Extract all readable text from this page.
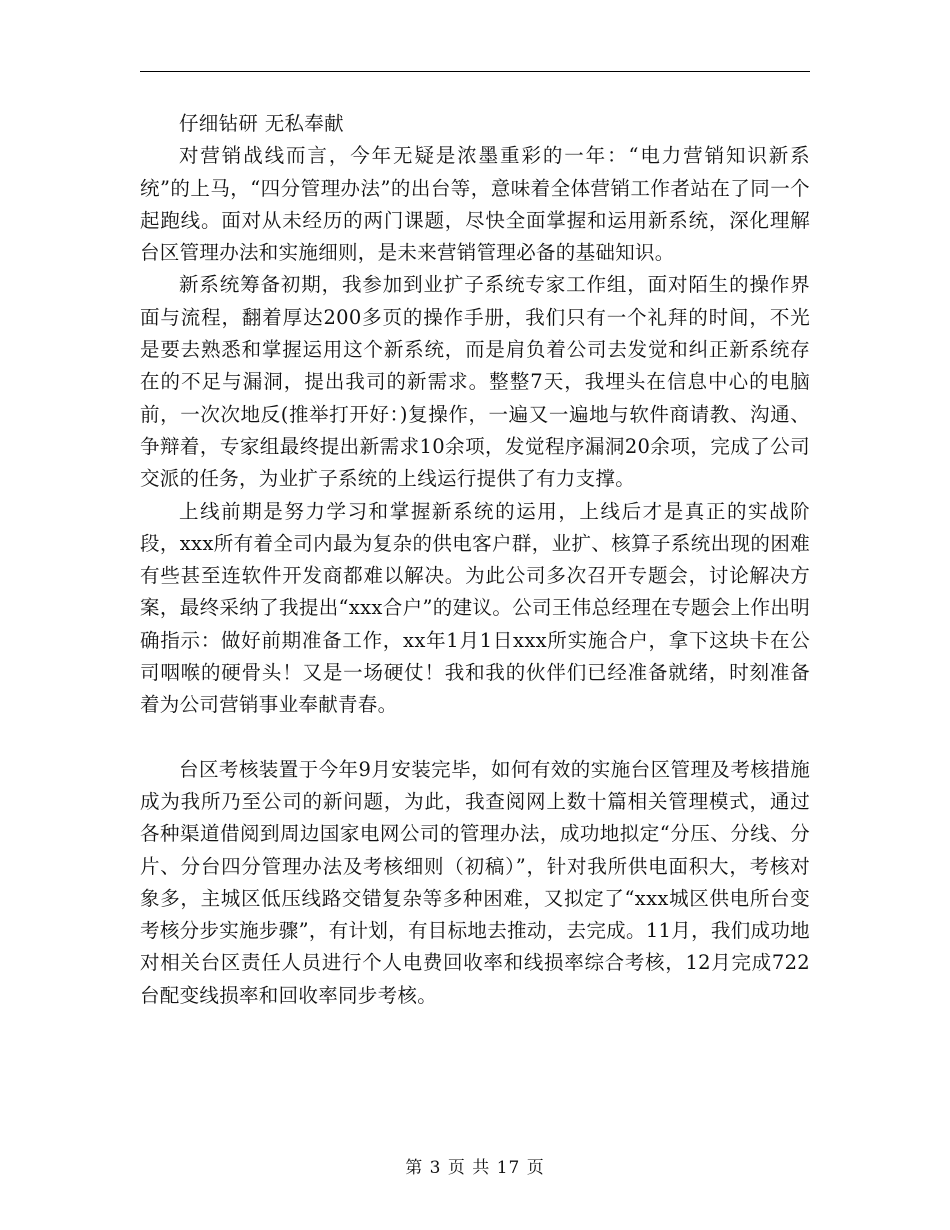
仔细钻研 无私奉献

对营销战线而言，今年无疑是浓墨重彩的一年：“电力营销知识新系统”的上马，“四分管理办法”的出台等，意味着全体营销工作者站在了同一个起跑线。面对从未经历的两门课题，尽快全面掌握和运用新系统，深化理解台区管理办法和实施细则，是未来营销管理必备的基础知识。

新系统筹备初期，我参加到业扩子系统专家工作组，面对陌生的操作界面与流程，翻着厚达200多页的操作手册，我们只有一个礼拜的时间，不光是要去熟悉和掌握运用这个新系统，而是肩负着公司去发觉和纠正新系统存在的不足与漏洞，提出我司的新需求。整整7天，我埋头在信息中心的电脑前，一次次地反(推举打开好：)复操作，一遍又一遍地与软件商请教、沟通、争辩着，专家组最终提出新需求10余项，发觉程序漏洞20余项，完成了公司交派的任务，为业扩子系统的上线运行提供了有力支撑。

上线前期是努力学习和掌握新系统的运用，上线后才是真正的实战阶段，xxx所有着全司内最为复杂的供电客户群，业扩、核算子系统出现的困难有些甚至连软件开发商都难以解决。为此公司多次召开专题会，讨论解决方案，最终采纳了我提出“xxx合户”的建议。公司王伟总经理在专题会上作出明确指示：做好前期准备工作，xx年1月1日xxx所实施合户，拿下这块卡在公司咽喉的硬骨头！又是一场硬仗！我和我的伙伴们已经准备就绪，时刻准备着为公司营销事业奉献青春。

台区考核装置于今年9月安装完毕，如何有效的实施台区管理及考核措施成为我所乃至公司的新问题，为此，我查阅网上数十篇相关管理模式，通过各种渠道借阅到周边国家电网公司的管理办法，成功地拟定“分压、分线、分片、分台四分管理办法及考核细则（初稿）”，针对我所供电面积大，考核对象多，主城区低压线路交错复杂等多种困难，又拟定了“xxx城区供电所台变考核分步实施步骤”，有计划，有目标地去推动，去完成。11月，我们成功地对相关台区责任人员进行个人电费回收率和线损率综合考核，12月完成722台配变线损率和回收率同步考核。

第 3 页 共 17 页
